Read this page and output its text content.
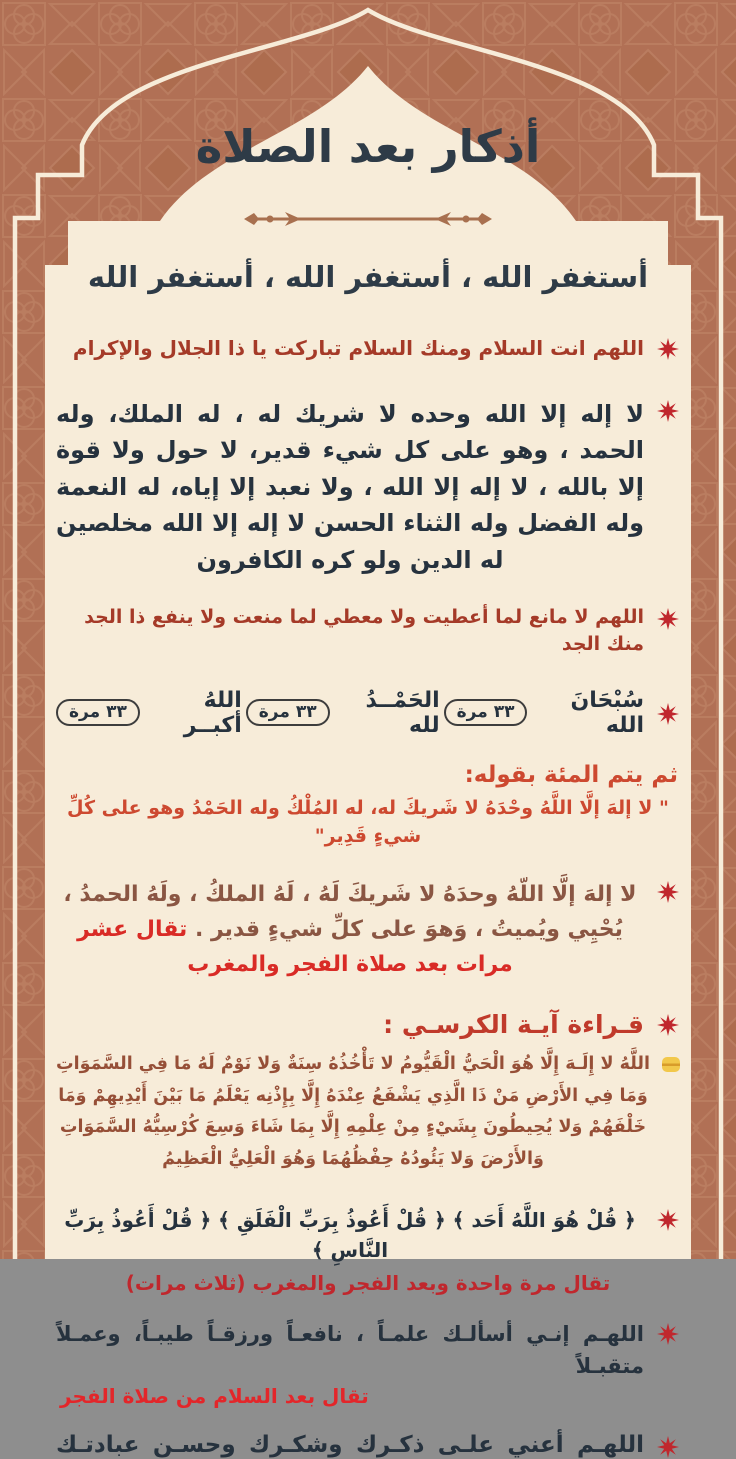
أذكار بعد الصلاة

أستغفر الله ، أستغفر الله ، أستغفر الله

اللهم انت السلام ومنك السلام تباركت يا ذا الجلال والإكرام

لا إله إلا الله وحده لا شريك له ، له الملك، وله الحمد ، وهو على كل شيء قدير، لا حول ولا قوة إلا بالله ، لا إله إلا الله ، ولا نعبد إلا إياه، له النعمة وله الفضل وله الثناء الحسن لا إله إلا الله مخلصين له الدين ولو كره الكافرون

اللهم لا مانع لما أعطيت ولا معطي لما منعت ولا ينفع ذا الجد منك الجد

سُبْحَانَ الله
٣٣ مرة
الحَمْــدُ لله
٣٣ مرة
اللهُ أكبــر
٣٣ مرة

ثم يتم المئة بقوله:

" لا إلهَ إلَّا اللَّهُ وحْدَهُ لا شَريكَ له، له المُلْكُ وله الحَمْدُ وهو على كُلِّ شيءٍ قَدِير"

لا إلهَ إلَّا اللّهُ وحدَهُ لا شَريكَ لَهُ ، لَهُ الملكُ ، ولَهُ الحمدُ ، يُحْيِي ويُميتُ ، وَهوَ على كلِّ شيءٍ قدير . تقال عشر مرات بعد صلاة الفجر والمغرب

قـراءة آيـة الكرسـي :

اللَّهُ لا إِلَـهَ إِلَّا هُوَ الْحَيُّ الْقَيُّومُ لا تَأْخُذُهُ سِنَةٌ وَلا نَوْمٌ لَهُ مَا فِي السَّمَوَاتِ وَمَا فِي الأَرْضِ مَنْ ذَا الَّذِي يَشْفَعُ عِنْدَهُ إِلَّا بِإِذْنِه يَعْلَمُ مَا بَيْنَ أَيْدِيهِمْ وَمَا خَلْفَهُمْ وَلا يُحِيطُونَ بِشَيْءٍ مِنْ عِلْمِهِ إِلَّا بِمَا شَاءَ وَسِعَ كُرْسِيُّهُ السَّمَوَاتِ وَالأَرْضَ وَلا يَئُودُهُ حِفْظُهُمَا وَهُوَ الْعَلِيُّ الْعَظِيمُ

﴿ قُلْ هُوَ اللَّهُ أَحَد ﴾ ﴿ قُلْ أَعُوذُ بِرَبِّ الْفَلَقِ ﴾ ﴿ قُلْ أَعُوذُ بِرَبِّ النَّاسِ ﴾

تقال مرة واحدة وبعد الفجر والمغرب (ثلاث مرات)

اللهـم إنـي أسألـك علمـاً ، نافعـاً ورزقـاً طيبـاً، وعمـلاً متقبـلاً

تقال بعد السلام من صلاة الفجر

اللهـم أعني علـى ذكـرك وشكـرك وحسـن عبادتـك
